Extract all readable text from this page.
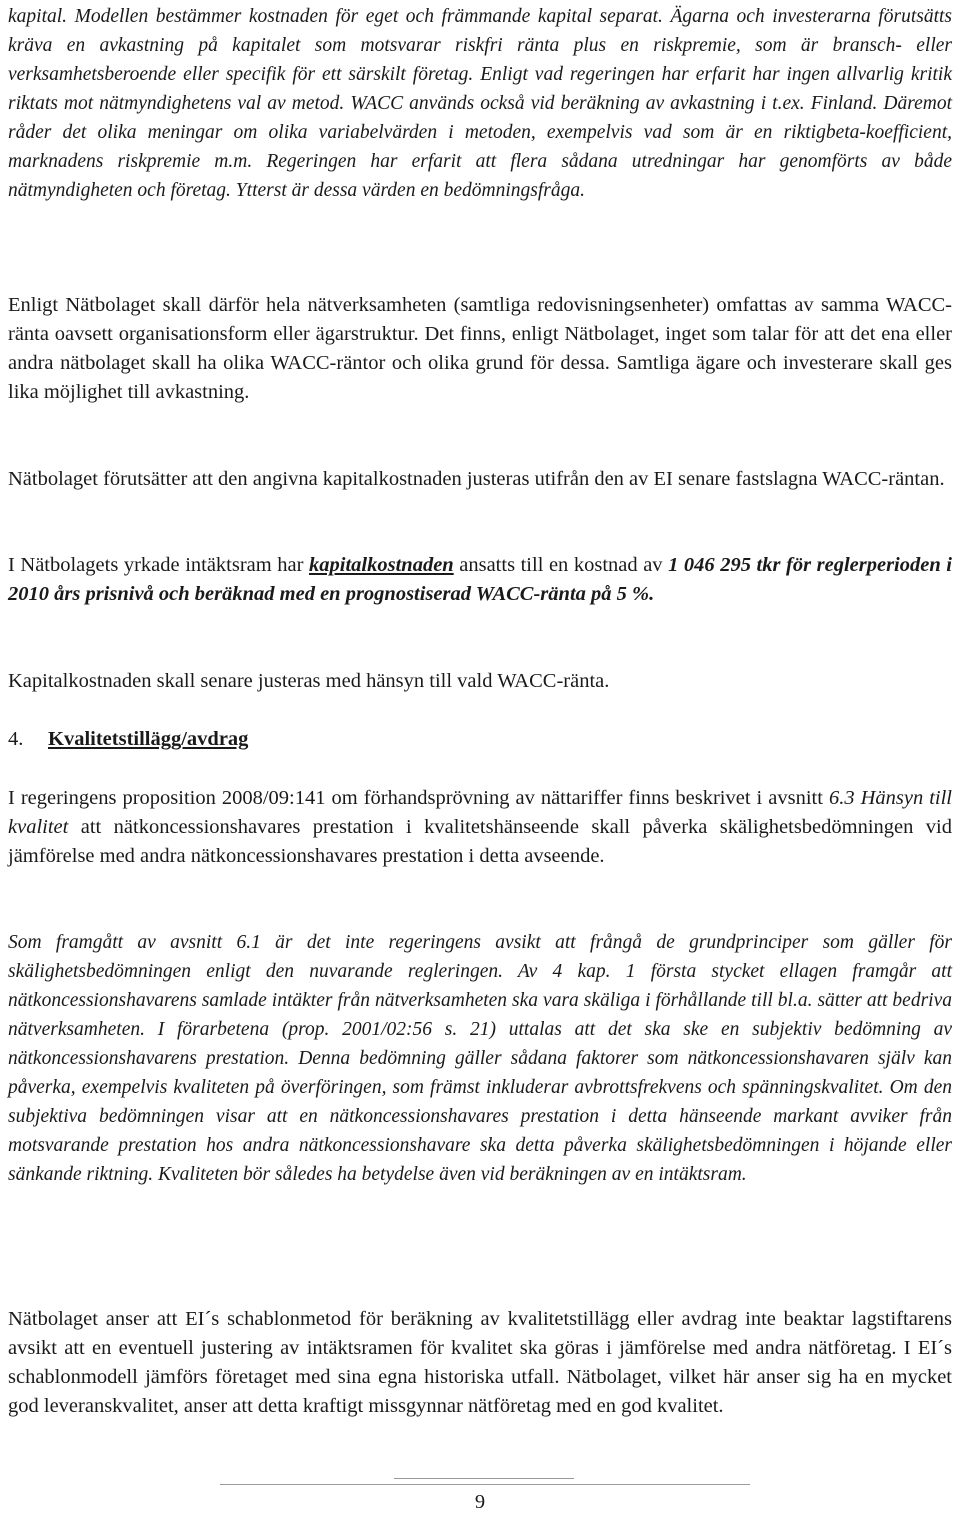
kapital. Modellen bestämmer kostnaden för eget och främmande kapital separat. Ägarna och investerarna förutsätts kräva en avkastning på kapitalet som motsvarar riskfri ränta plus en riskpremie, som är bransch- eller verksamhetsberoende eller specifik för ett särskilt företag. Enligt vad regeringen har erfarit har ingen allvarlig kritik riktats mot nätmyndighetens val av metod. WACC används också vid beräkning av avkastning i t.ex. Finland. Däremot råder det olika meningar om olika variabelvärden i metoden, exempelvis vad som är en riktigbeta-koefficient, marknadens riskpremie m.m. Regeringen har erfarit att flera sådana utredningar har genomförts av både nätmyndigheten och företag. Ytterst är dessa värden en bedömningsfråga.

Enligt Nätbolaget skall därför hela nätverksamheten (samtliga redovisningsenheter) omfattas av samma WACC-ränta oavsett organisationsform eller ägarstruktur. Det finns, enligt Nätbolaget, inget som talar för att det ena eller andra nätbolaget skall ha olika WACC-räntor och olika grund för dessa. Samtliga ägare och investerare skall ges lika möjlighet till avkastning.

Nätbolaget förutsätter att den angivna kapitalkostnaden justeras utifrån den av EI senare fastslagna WACC-räntan.

I Nätbolagets yrkade intäktsram har kapitalkostnaden ansatts till en kostnad av 1 046 295 tkr för reglerperioden i 2010 års prisnivå och beräknad med en prognostiserad WACC-ränta på 5 %.

Kapitalkostnaden skall senare justeras med hänsyn till vald WACC-ränta.

4. Kvalitetstillägg/avdrag

I regeringens proposition 2008/09:141 om förhandsprövning av nättariffer finns beskrivet i avsnitt 6.3 Hänsyn till kvalitet att nätkoncessionshavares prestation i kvalitetshänseende skall påverka skälighetsbedömningen vid jämförelse med andra nätkoncessionshavares prestation i detta avseende.

Som framgått av avsnitt 6.1 är det inte regeringens avsikt att frångå de grundprinciper som gäller för skälighetsbedömningen enligt den nuvarande regleringen. Av 4 kap. 1 första stycket ellagen framgår att nätkoncessionshavarens samlade intäkter från nätverksamheten ska vara skäliga i förhållande till bl.a. sätter att bedriva nätverksamheten. I förarbetena (prop. 2001/02:56 s. 21) uttalas att det ska ske en subjektiv bedömning av nätkoncessionshavarens prestation. Denna bedömning gäller sådana faktorer som nätkoncessionshavaren själv kan påverka, exempelvis kvaliteten på överföringen, som främst inkluderar avbrottsfrekvens och spänningskvalitet. Om den subjektiva bedömningen visar att en nätkoncessionshavares prestation i detta hänseende markant avviker från motsvarande prestation hos andra nätkoncessionshavare ska detta påverka skälighetsbedömningen i höjande eller sänkande riktning. Kvaliteten bör således ha betydelse även vid beräkningen av en intäktsram.

Nätbolaget anser att EI´s schablonmetod för beräkning av kvalitetstillägg eller avdrag inte beaktar lagstiftarens avsikt att en eventuell justering av intäktsramen för kvalitet ska göras i jämförelse med andra nätföretag. I EI´s schablonmodell jämförs företaget med sina egna historiska utfall. Nätbolaget, vilket här anser sig ha en mycket god leveranskvalitet, anser att detta kraftigt missgynnar nätföretag med en god kvalitet.

9
